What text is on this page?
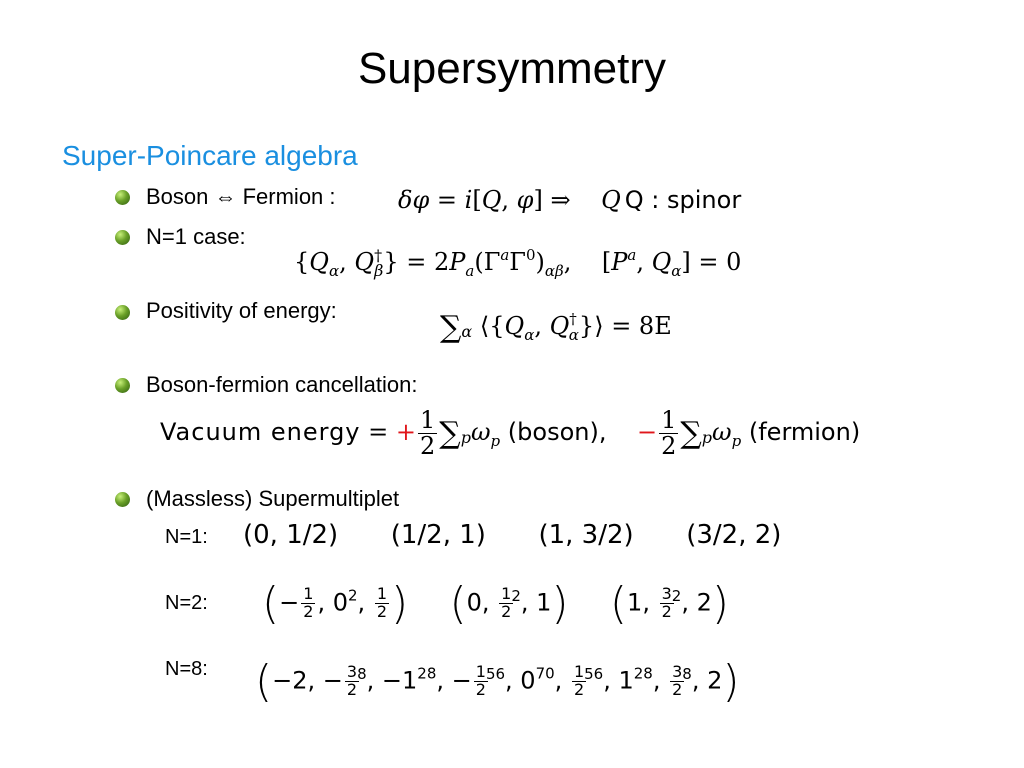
Supersymmetry
Super-Poincare algebra
Boson ⇔ Fermion :	δφ = i[Q, φ] ⇒    Q Q : spinor
N=1 case:
{$Q_\alpha$, Q †
β } = $2P_a(\Gamma^a\Gamma^0)_{\alpha\beta}$,    [$P^a$, $Q_\alpha] = 0$
Positivity of energy:	∑α $⟨\{Q_\alpha$, $Q^\dagger_\alpha\}⟩ = 8E$
Boson-fermion cancellation:
Vacuum energy = + $\frac{1}{2} \sum p\omega_p$ (boson), − $\frac{1}{2} \sum p\omega_p$ (fermion)
(Massless) Supermultiplet
N=1: (0, 1/2) (1/2, 1) (1, 3/2) (3/2, 2)
N=2: (− $\frac{1}{2}$ , $0^2$, $\frac{1}{2}$ ) (0, $\frac{1}{2}$
$^2$, 1) (1, $\frac{3}{2}$
$^2$, 2)
N=8: (−2, − $\frac{3}{2}$
$^8$, $-1^{28}$, − $\frac{1}{2}$
$^{56}$, $0^{70}$, $\frac{1}{2}$
$^{56}$, $1^{28}$, $\frac{3}{2}$
$^8$, 2)
